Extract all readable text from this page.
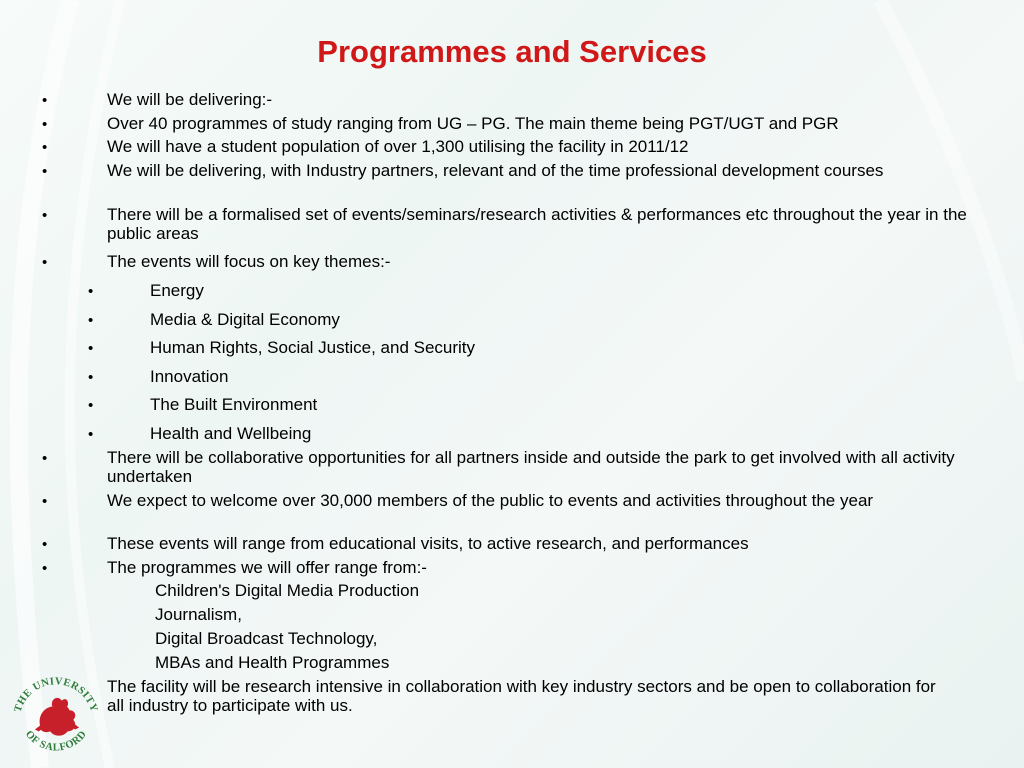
Programmes and Services
•	We will be delivering:-
•	Over 40 programmes of study ranging from UG – PG. The main theme being PGT/UGT and PGR
•	We will have a student population of over 1,300 utilising the facility in 2011/12
•	We will be delivering, with Industry partners, relevant and of the time professional development courses
•	There will be a formalised set of events/seminars/research activities & performances etc throughout the year in the public areas
•	The events will focus on key themes:-
•	Energy
•	Media & Digital Economy
•	Human Rights, Social Justice, and Security
•	Innovation
•	The Built Environment
•	Health and Wellbeing
•	There will be collaborative opportunities for all partners inside and outside the park to get involved with all activity undertaken
•	We expect to welcome over 30,000 members of the public to events and activities throughout the year
•	These events will range from educational visits, to active research, and performances
•	The programmes we will offer range from:-
Children's Digital Media Production
Journalism,
Digital Broadcast Technology,
MBAs and Health Programmes
The facility will be research intensive in collaboration with key industry sectors and be open to collaboration for all industry to participate with us.
THE UNIVERSITY
OF SALFORD
